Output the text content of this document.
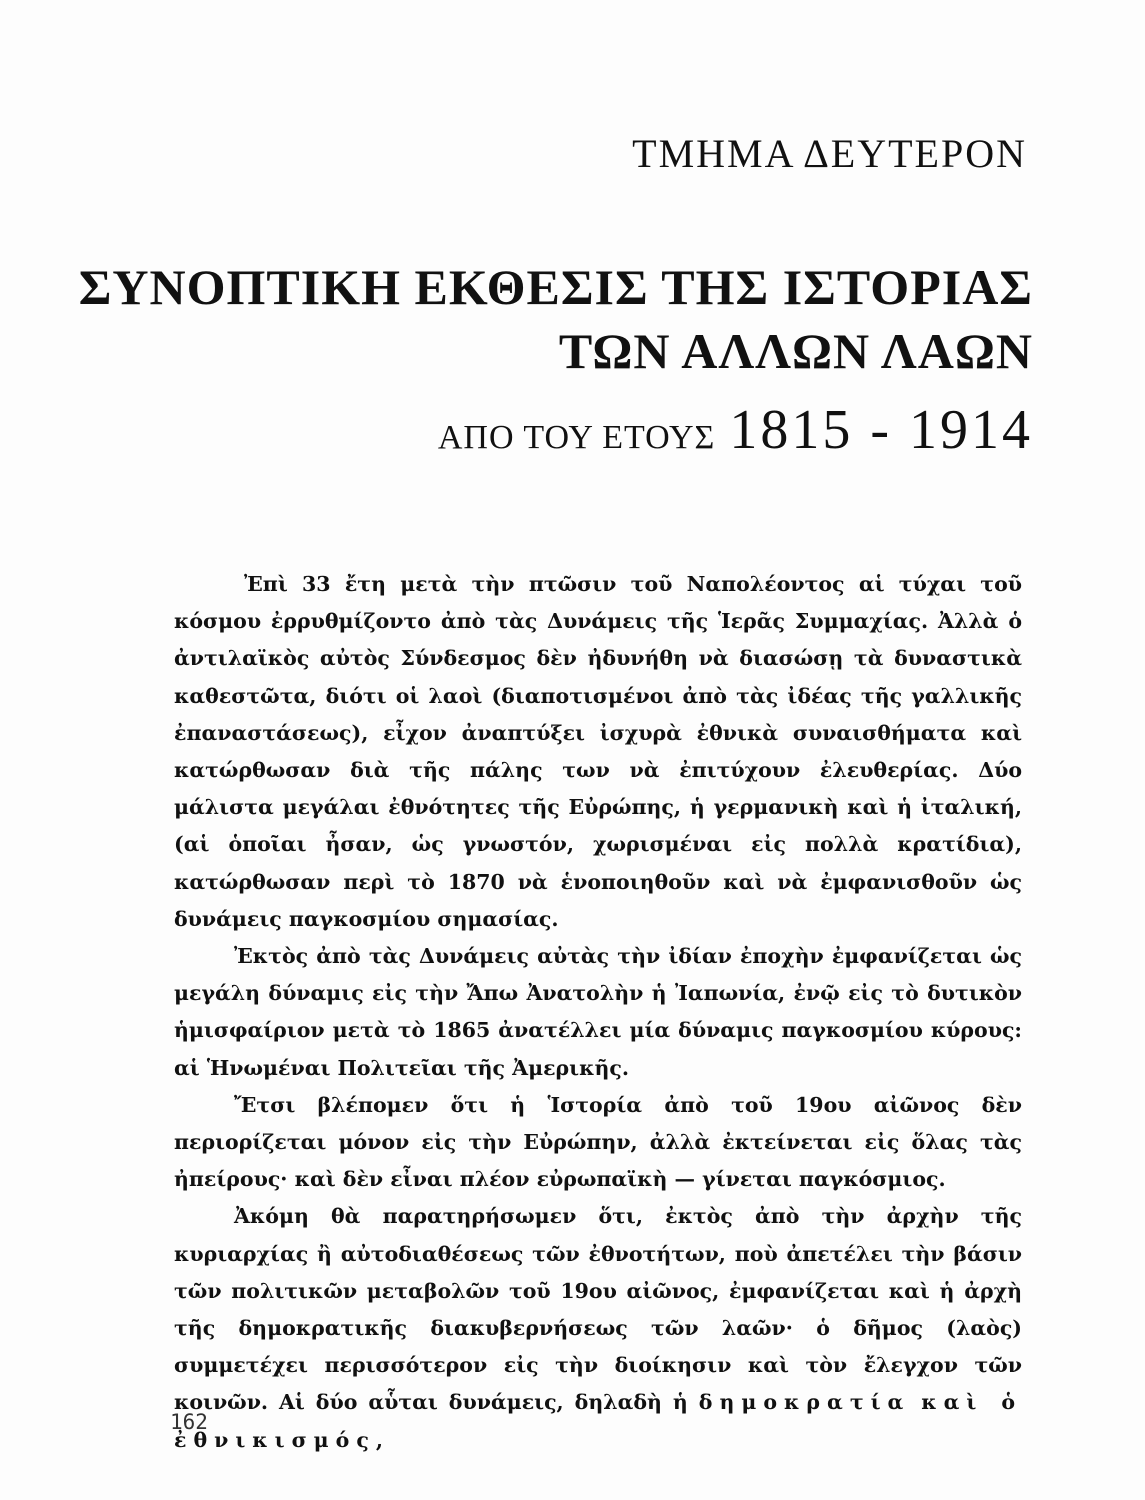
ΤΜΗΜΑ ΔΕΥΤΕΡΟΝ
ΣΥΝΟΠΤΙΚΗ ΕΚΘΕΣΙΣ ΤΗΣ ΙΣΤΟΡΙΑΣ
ΤΩΝ ΑΛΛΩΝ ΛΑΩΝ
ΑΠΟ ΤΟΥ ΕΤΟΥΣ 1815 - 1914

Ἐπὶ 33 ἔτη μετὰ τὴν πτῶσιν τοῦ Ναπολέοντος αἱ τύχαι τοῦ κόσμου ἐρρυθμίζοντο ἀπὸ τὰς Δυνάμεις τῆς Ἱερᾶς Συμμαχίας. Ἀλλὰ ὁ ἀντιλαϊκὸς αὐτὸς Σύνδεσμος δὲν ἠδυνήθη νὰ διασώσῃ τὰ δυναστικὰ καθεστῶτα, διότι οἱ λαοὶ (διαποτισμένοι ἀπὸ τὰς ἰδέας τῆς γαλλικῆς ἐπαναστάσεως), εἶχον ἀναπτύξει ἰσχυρὰ ἐθνικὰ συναισθήματα καὶ κατώρθωσαν διὰ τῆς πάλης των νὰ ἐπιτύχουν ἐλευθερίας. Δύο μάλιστα μεγάλαι ἐθνότητες τῆς Εὐρώπης, ἡ γερμανικὴ καὶ ἡ ἰταλική, (αἱ ὁποῖαι ἦσαν, ὡς γνωστόν, χωρισμέναι εἰς πολλὰ κρατίδια), κατώρθωσαν περὶ τὸ 1870 νὰ ἑνοποιηθοῦν καὶ νὰ ἐμφανισθοῦν ὡς δυνάμεις παγκοσμίου σημασίας.

Ἐκτὸς ἀπὸ τὰς Δυνάμεις αὐτὰς τὴν ἰδίαν ἐποχὴν ἐμφανίζεται ὡς μεγάλη δύναμις εἰς τὴν Ἄπω Ἀνατολὴν ἡ Ἰαπωνία, ἐνῷ εἰς τὸ δυτικὸν ἡμισφαίριον μετὰ τὸ 1865 ἀνατέλλει μία δύναμις παγκοσμίου κύρους: αἱ Ἡνωμέναι Πολιτεῖαι τῆς Ἀμερικῆς.

Ἔτσι βλέπομεν ὅτι ἡ Ἱστορία ἀπὸ τοῦ 19ου αἰῶνος δὲν περιορίζεται μόνον εἰς τὴν Εὐρώπην, ἀλλὰ ἐκτείνεται εἰς ὅλας τὰς ἠπείρους· καὶ δὲν εἶναι πλέον εὐρωπαϊκὴ — γίνεται παγκόσμιος.

Ἀκόμη θὰ παρατηρήσωμεν ὅτι, ἐκτὸς ἀπὸ τὴν ἀρχὴν τῆς κυριαρχίας ἢ αὐτοδιαθέσεως τῶν ἐθνοτήτων, ποὺ ἀπετέλει τὴν βάσιν τῶν πολιτικῶν μεταβολῶν τοῦ 19ου αἰῶνος, ἐμφανίζεται καὶ ἡ ἀρχὴ τῆς δημοκρατικῆς διακυβερνήσεως τῶν λαῶν· ὁ δῆμος (λαὸς) συμμετέχει περισσότερον εἰς τὴν διοίκησιν καὶ τὸν ἔλεγχον τῶν κοινῶν. Αἱ δύο αὗται δυνάμεις, δηλαδὴ ἡ δημοκρατία καὶ ὁ ἐθνικισμός,

162
